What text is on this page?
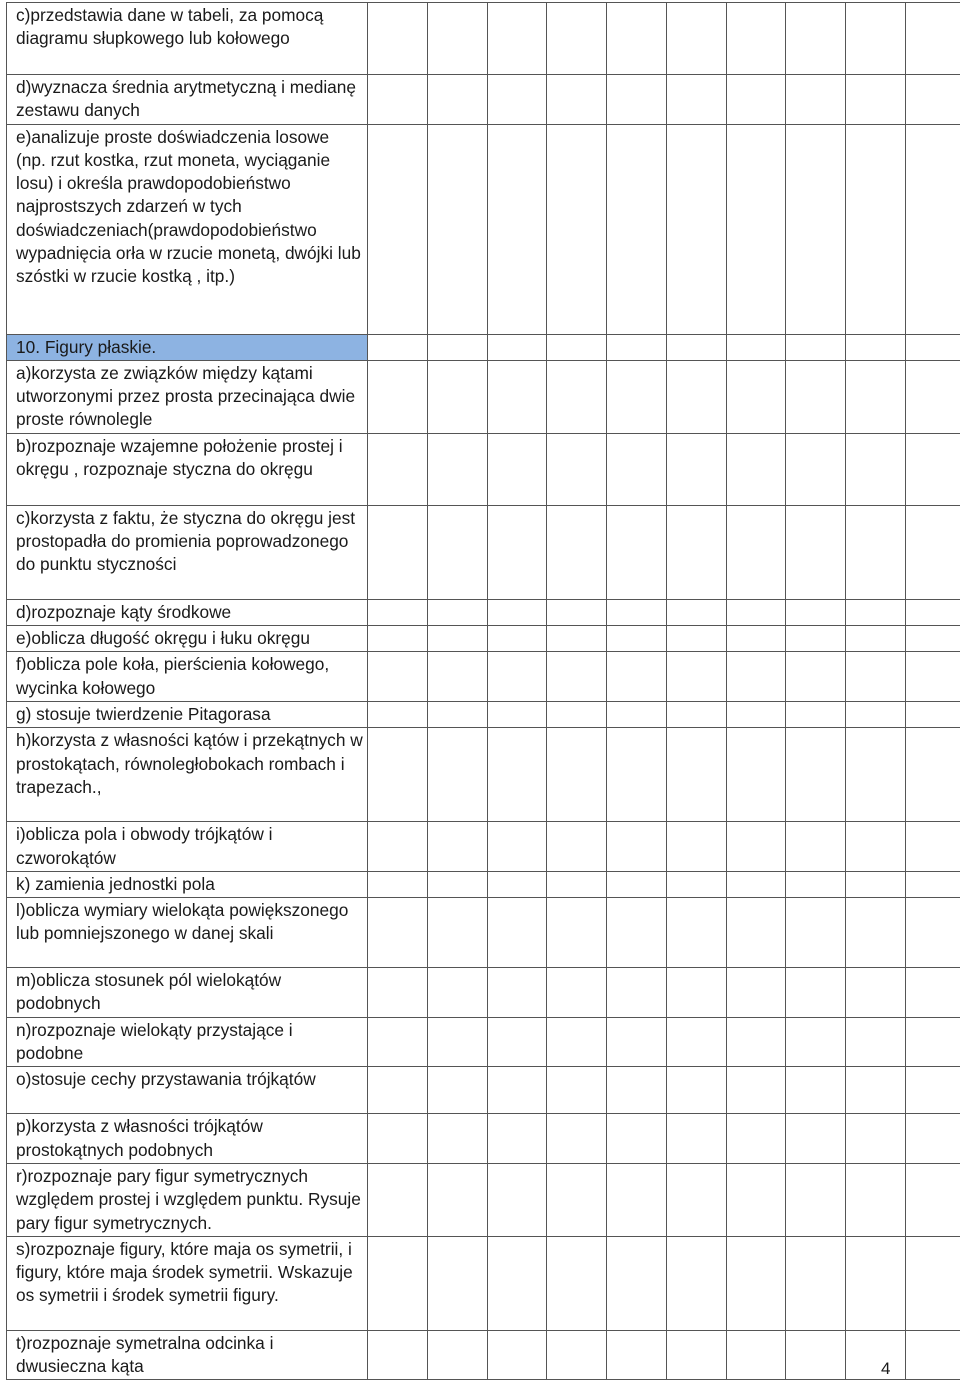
c)przedstawia dane w tabeli, za pomocą diagramu słupkowego lub kołowego										
d)wyznacza średnia arytmetyczną i medianę zestawu danych										
e)analizuje proste doświadczenia losowe (np. rzut kostka, rzut moneta, wyciąganie losu) i określa prawdopodobieństwo najprostszych zdarzeń w tych doświadczeniach(prawdopodobieństwo wypadnięcia orła w rzucie monetą, dwójki lub szóstki w rzucie kostką , itp.)										
10. Figury płaskie.										
a)korzysta ze związków między kątami utworzonymi przez prosta przecinająca dwie proste równolegle										
b)rozpoznaje wzajemne położenie prostej i okręgu , rozpoznaje styczna do okręgu										
c)korzysta z faktu, że styczna do okręgu jest prostopadła do promienia poprowadzonego do punktu styczności										
d)rozpoznaje kąty środkowe										
e)oblicza długość okręgu i łuku okręgu										
f)oblicza pole koła, pierścienia kołowego, wycinka kołowego										
g) stosuje twierdzenie Pitagorasa										
h)korzysta z własności kątów i przekątnych w prostokątach, równoległobokach rombach i trapezach.,										
i)oblicza pola i obwody trójkątów i czworokątów										
k) zamienia jednostki pola										
l)oblicza wymiary wielokąta powiększonego lub pomniejszonego w danej skali										
m)oblicza stosunek pól wielokątów podobnych										
n)rozpoznaje wielokąty przystające i podobne										
o)stosuje cechy przystawania trójkątów										
p)korzysta z własności trójkątów prostokątnych podobnych										
r)rozpoznaje pary figur symetrycznych względem prostej i względem punktu. Rysuje pary figur symetrycznych.										
s)rozpoznaje figury, które maja os symetrii, i figury, które maja środek symetrii. Wskazuje os symetrii i środek symetrii figury.										
t)rozpoznaje symetralna odcinka i dwusieczna kąta											4
